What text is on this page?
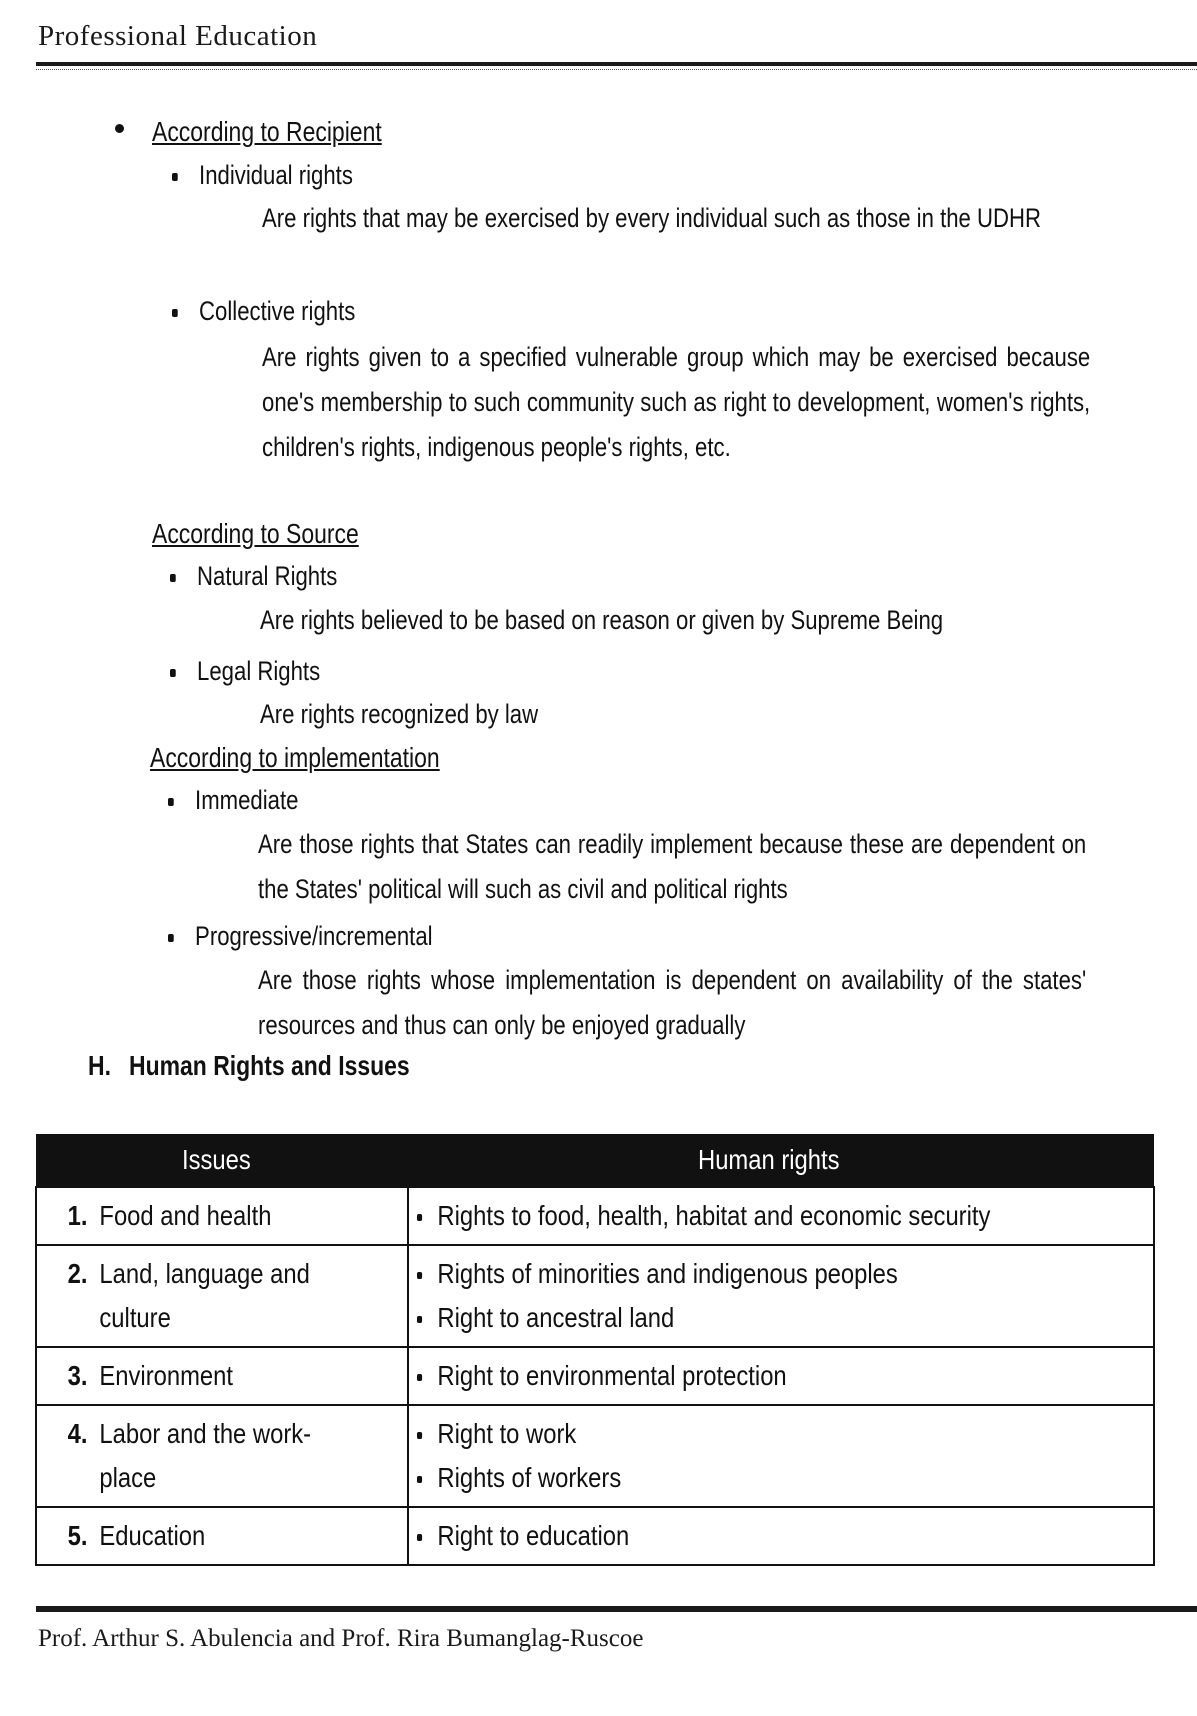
Professional Education
According to Recipient
Individual rights
Are rights that may be exercised by every individual such as those in the UDHR
Collective rights
Are rights given to a specified vulnerable group which may be exercised because one's membership to such community such as right to development, women's rights, children's rights, indigenous people's rights, etc.
According to Source
Natural Rights
Are rights believed to be based on reason or given by Supreme Being
Legal Rights
Are rights recognized by law
According to implementation
Immediate
Are those rights that States can readily implement because these are dependent on the States' political will such as civil and political rights
Progressive/incremental
Are those rights whose implementation is dependent on availability of the states' resources and thus can only be enjoyed gradually
H. Human Rights and Issues
Issues	Human rights
1. Food and health	Rights to food, health, habitat and economic security

2. Land, language and culture	Rights of minorities and indigenous peoples
Right to ancestral land

3. Environment	Right to environmental protection

4. Labor and the work-place	Right to work
Rights of workers

5. Education	Right to education
Prof. Arthur S. Abulencia and Prof. Rira Bumanglag-Ruscoe
